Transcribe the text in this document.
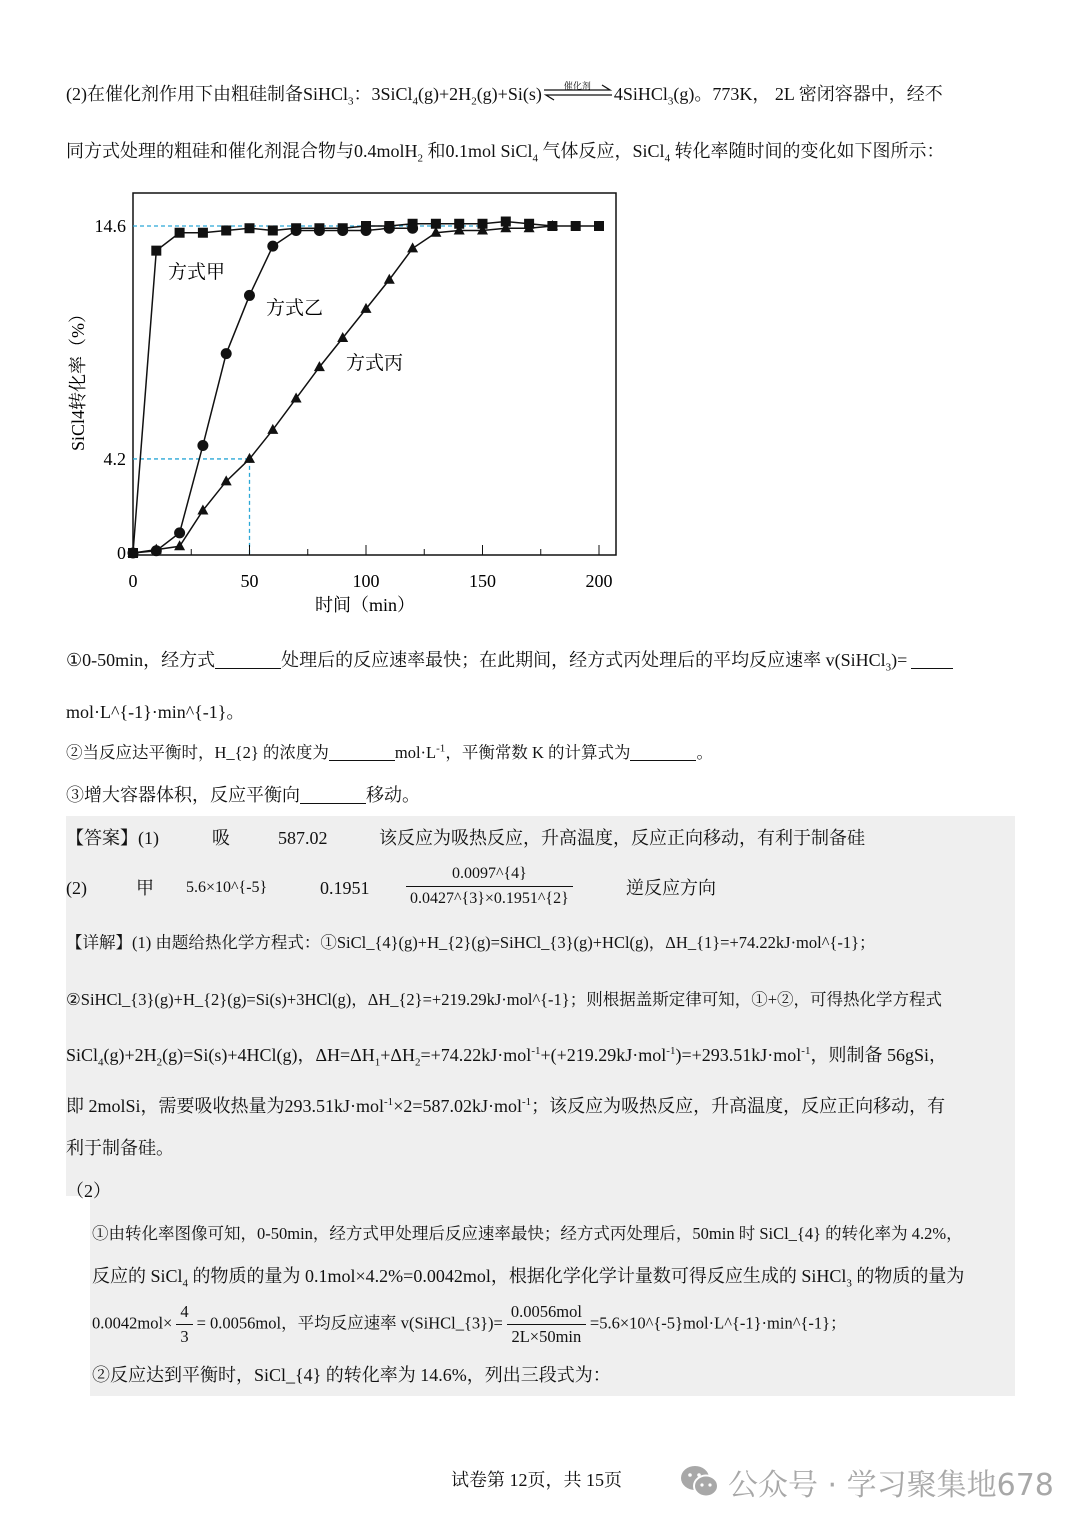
(2)在催化剂作用下由粗硅制备SiHCl$_3$：$3SiCl_4(g)+2H_2(g)+Si(s)$ 催化剂 4SiHCl$_3$(g)。773K， 2L 密闭容器中，经不
同方式处理的粗硅和催化剂混合物与0.4molH$_2$ 和0.1mol SiCl$_4$ 气体反应，SiCl$_4$ 转化率随时间的变化如下图所示：
0	50	100	150	200
0
4.2
14.6
方式甲
方式乙
方式丙
时间（min）
SiCl4转化率（%）
①0-50min，经方式	处理后的反应速率最快；在此期间，经方式丙处理后的平均反应速率 v(SiHCl$_3$)=
mol·L^{-1}·min^{-1}。
②当反应达平衡时，H_{2} 的浓度为	$mol\cdot L^{-1}$，平衡常数 K 的计算式为	。
③增大容器体积，反应平衡向	移动。
【答案】(1)	吸	587.02	该反应为吸热反应，升高温度，反应正向移动，有利于制备硅
(2)	甲 5.6×10^{-5}	$0.1951 \frac{0.0097\^{}\{4\}}{0.0427\^{}\{3\}\times 0.1951\^{}\{2\}}$	逆反应方向
【详解】(1) 由题给热化学方程式：①SiCl_{4}(g)+H_{2}(g)=SiHCl_{3}(g)+HCl(g)，ΔH_{1}=+74.22kJ·mol^{-1}；
②SiHCl_{3}(g)+H_{2}(g)=Si(s)+3HCl(g)，ΔH_{2}=+219.29kJ·mol^{-1}；则根据盖斯定律可知，①+②，可得热化学方程式
$SiCl_4(g)+2H_2(g)=Si(s)+4HCl(g)$，$\Delta H=\Delta H_1+\Delta H_2=+74.22kJ\cdot mol^{-1}+(+219.29kJ\cdot mol^{-1})=+293.51kJ\cdot mol^{-1}$，则制备 56gSi，
即 2molSi，需要吸收热量为293.51kJ·mol$^{-1}$×2=587.02kJ·mol$^{-1}$；该反应为吸热反应，升高温度，反应正向移动，有
利于制备硅。
（2）
①由转化率图像可知，0-50min，经方式甲处理后反应速率最快；经方式丙处理后，50min 时 SiCl_{4} 的转化率为 4.2%，
反应的 SiCl$_4$ 的物质的量为 0.1mol×4.2%=0.0042mol，根据化学化学计量数可得反应生成的 SiHCl$_3$ 的物质的量为
$0.0042mol\times \frac{4}{3} = 0.0056mol$，平均反应速率 v(SiHCl_{3})= $\frac{\text{0.0056mol}}{2L\times 50\min}$ =5.6×10^{-5}mol·L^{-1}·min^{-1}；
②反应达到平衡时，SiCl_{4} 的转化率为 14.6%，列出三段式为：
试卷第 12页，共 15页	公众号 · 学习聚集地678
